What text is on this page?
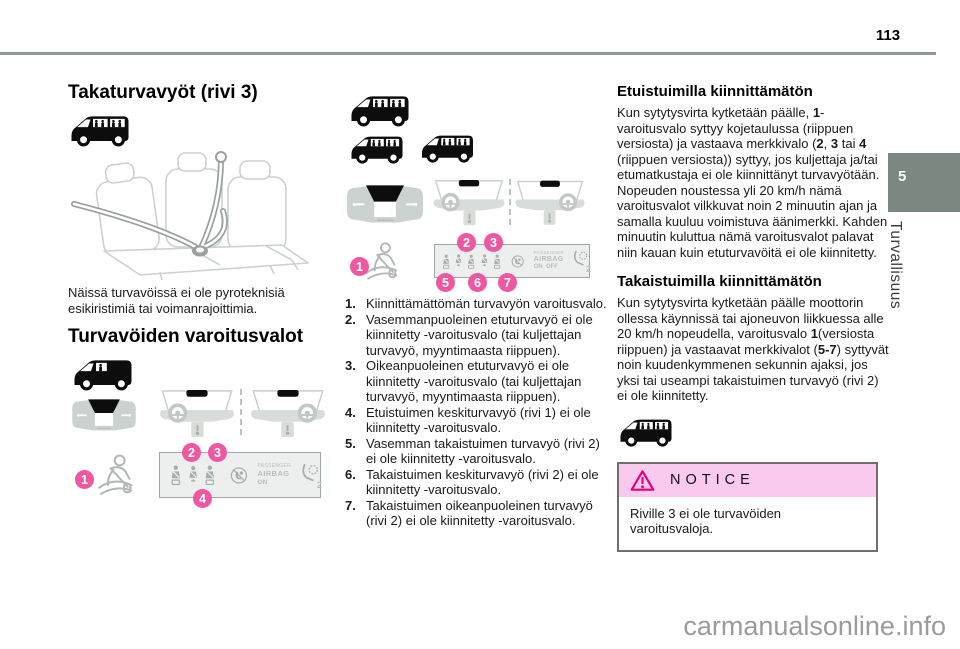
113
5
Turvallisuus
carmanualsonline.info
Takaturvavyöt (rivi 3)

Näissä turvavöissä ei ole pyroteknisiä esikiristimiä tai voimanrajoittimia.

Turvavöiden varoitusvalot
1
PASSENGER
AIRBAG
ON	2
2	3
4
1
PASSENGER
AIRBAG
ON  OFF	2
2	3
5	6	7
1. Kiinnittämättömän turvavyön varoitusvalo.
2. Vasemmanpuoleinen etuturvavyö ei ole kiinnitetty -varoitusvalo (tai kuljettajan turvavyö, myyntimaasta riippuen).
3. Oikeanpuoleinen etuturvavyö ei ole kiinnitetty -varoitusvalo (tai kuljettajan turvavyö, myyntimaasta riippuen).
4. Etuistuimen keskiturvavyö (rivi 1) ei ole kiinnitetty -varoitusvalo.
5. Vasemman takaistuimen turvavyö (rivi 2) ei ole kiinnitetty -varoitusvalo.
6. Takaistuimen keskiturvavyö (rivi 2) ei ole kiinnitetty -varoitusvalo.
7. Takaistuimen oikeanpuoleinen turvavyö (rivi 2) ei ole kiinnitetty -varoitusvalo.
Etuistuimilla kiinnittämätön

Kun sytytysvirta kytketään päälle, 1-varoitusvalo syttyy kojetaulussa (riippuen versiosta) ja vastaava merkkivalo (2, 3 tai 4 (riippuen versiosta)) syttyy, jos kuljettaja ja/tai etumatkustaja ei ole kiinnittänyt turvavyötään. Nopeuden noustessa yli 20 km/h nämä varoitusvalot vilkkuvat noin 2 minuutin ajan ja samalla kuuluu voimistuva äänimerkki. Kahden minuutin kuluttua nämä varoitusvalot palavat niin kauan kuin etuturvavöitä ei ole kiinnitetty.

Takaistuimilla kiinnittämätön

Kun sytytysvirta kytketään päälle moottorin ollessa käynnissä tai ajoneuvon liikkuessa alle 20 km/h nopeudella, varoitusvalo 1(versiosta riippuen) ja vastaavat merkkivalot (5-7) syttyvät noin kuudenkymmenen sekunnin ajaksi, jos yksi tai useampi takaistuimen turvavyö (rivi 2) ei ole kiinnitetty.

NOTICE
Riville 3 ei ole turvavöiden varoitusvaloja.
